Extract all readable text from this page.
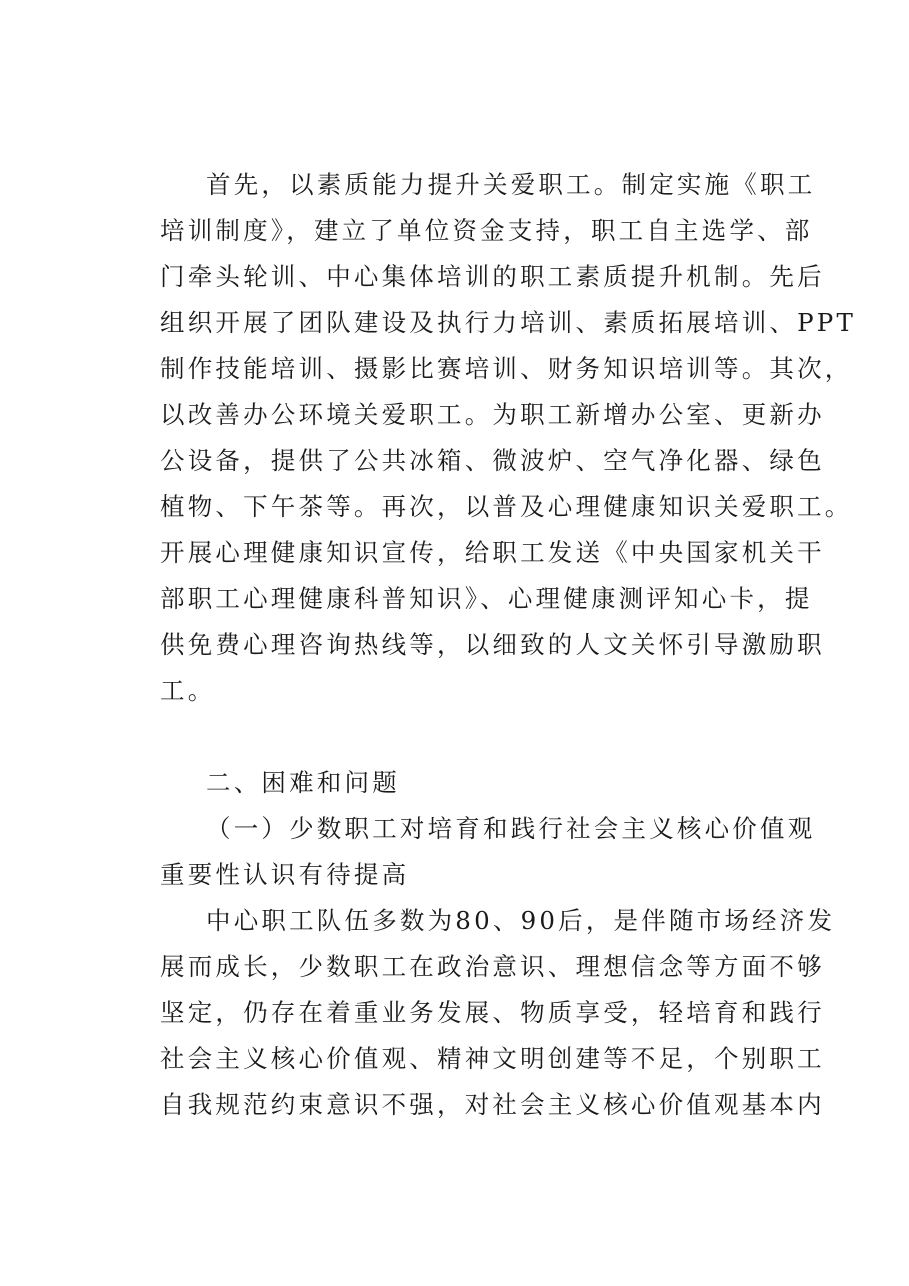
首先，以素质能力提升关爱职工。制定实施《职工
培训制度》，建立了单位资金支持，职工自主选学、部
门牵头轮训、中心集体培训的职工素质提升机制。先后
组织开展了团队建设及执行力培训、素质拓展培训、PPT
制作技能培训、摄影比赛培训、财务知识培训等。其次，
以改善办公环境关爱职工。为职工新增办公室、更新办
公设备，提供了公共冰箱、微波炉、空气净化器、绿色
植物、下午茶等。再次，以普及心理健康知识关爱职工。
开展心理健康知识宣传，给职工发送《中央国家机关干
部职工心理健康科普知识》、心理健康测评知心卡，提
供免费心理咨询热线等，以细致的人文关怀引导激励职
工。
二、困难和问题
（一）少数职工对培育和践行社会主义核心价值观
重要性认识有待提高
中心职工队伍多数为80、90后，是伴随市场经济发
展而成长，少数职工在政治意识、理想信念等方面不够
坚定，仍存在着重业务发展、物质享受，轻培育和践行
社会主义核心价值观、精神文明创建等不足，个别职工
自我规范约束意识不强，对社会主义核心价值观基本内
